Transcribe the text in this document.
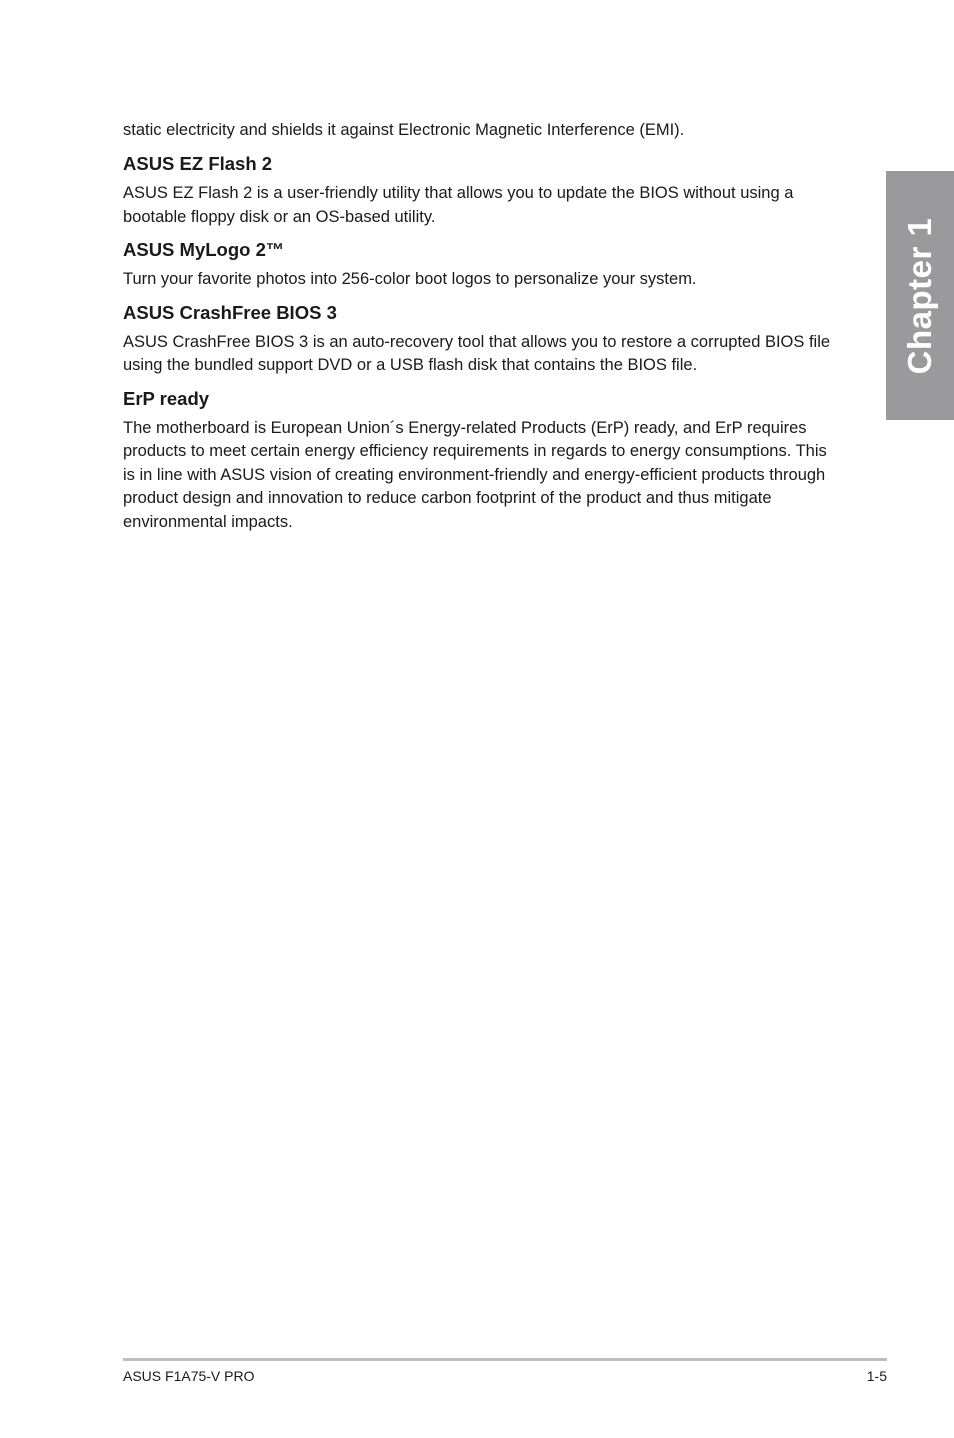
static electricity and shields it against Electronic Magnetic Interference (EMI).

ASUS EZ Flash 2

ASUS EZ Flash 2 is a user-friendly utility that allows you to update the BIOS without using a bootable floppy disk or an OS-based utility.

ASUS MyLogo 2™

Turn your favorite photos into 256-color boot logos to personalize your system.

ASUS CrashFree BIOS 3

ASUS CrashFree BIOS 3 is an auto-recovery tool that allows you to restore a corrupted BIOS file using the bundled support DVD or a USB flash disk that contains the BIOS file.

ErP ready

The motherboard is European Union´s Energy-related Products (ErP) ready, and ErP requires products to meet certain energy efficiency requirements in regards to energy consumptions. This is in line with ASUS vision of creating environment-friendly and energy-efficient products through product design and innovation to reduce carbon footprint of the product and thus mitigate environmental impacts.

Chapter 1
ASUS F1A75-V PRO	1-5
